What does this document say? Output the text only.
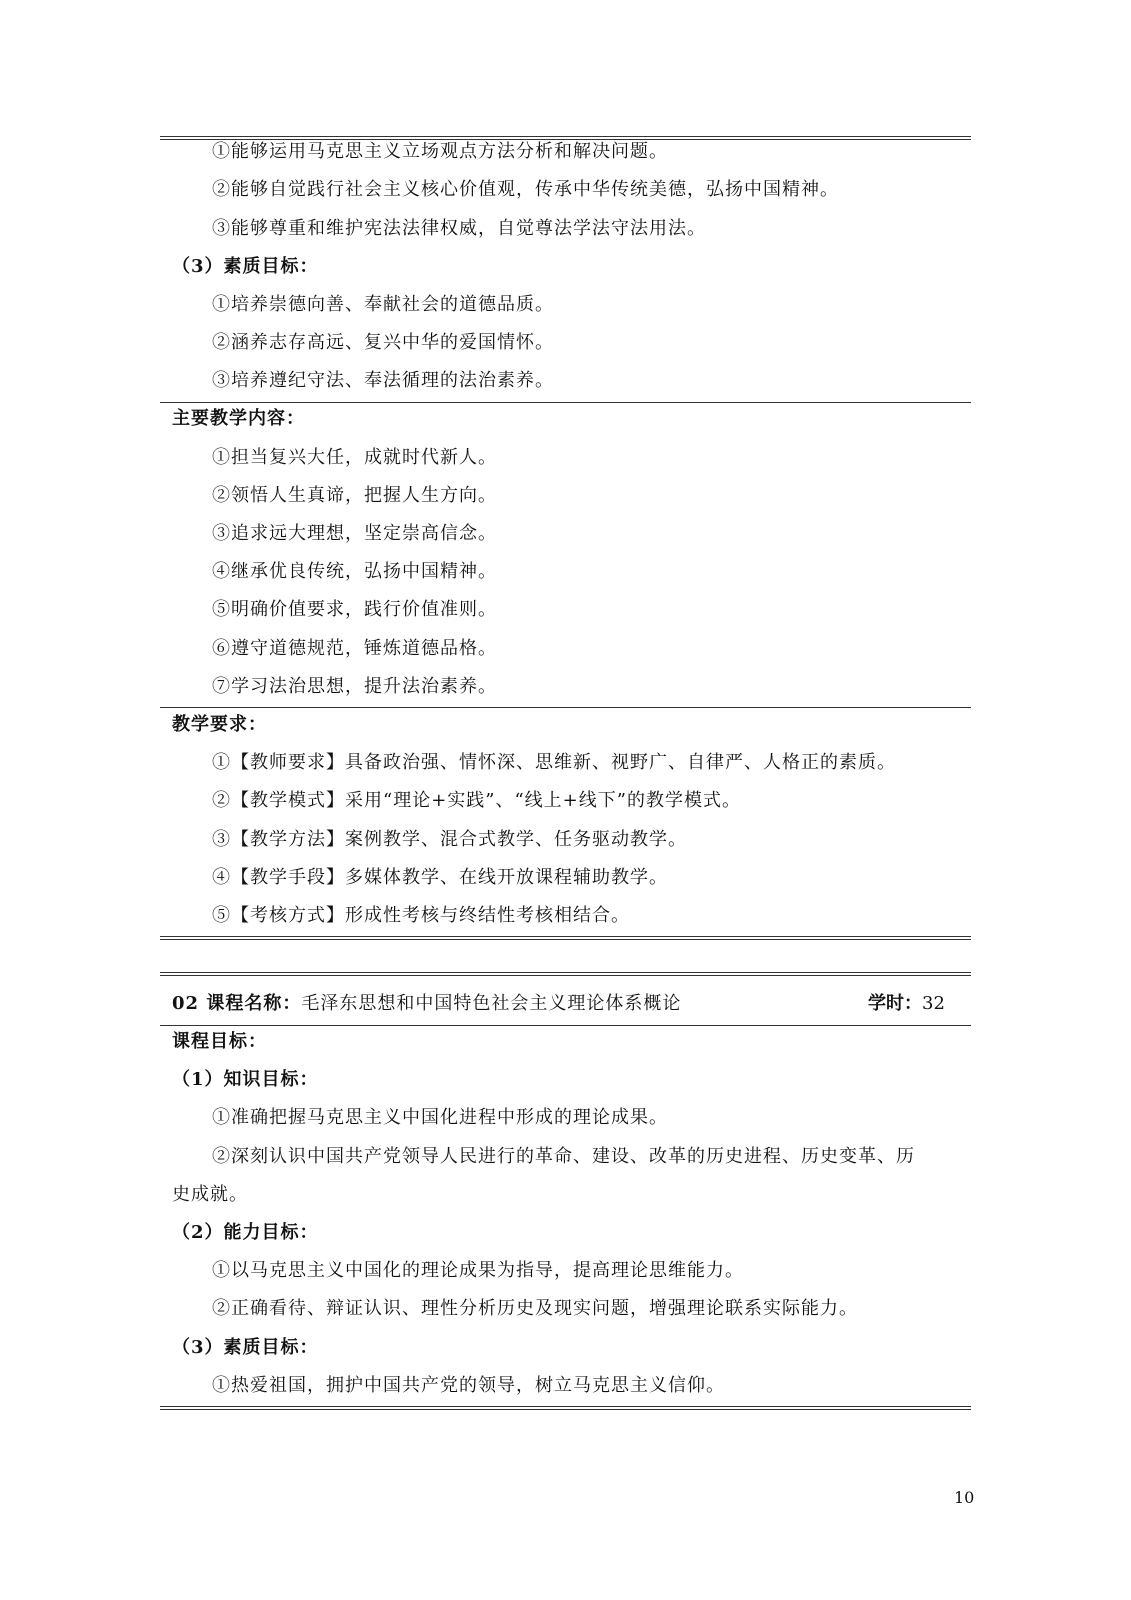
①能够运用马克思主义立场观点方法分析和解决问题。
②能够自觉践行社会主义核心价值观，传承中华传统美德，弘扬中国精神。
③能够尊重和维护宪法法律权威，自觉尊法学法守法用法。
（3）素质目标：
①培养崇德向善、奉献社会的道德品质。
②涵养志存高远、复兴中华的爱国情怀。
③培养遵纪守法、奉法循理的法治素养。
主要教学内容：
①担当复兴大任，成就时代新人。
②领悟人生真谛，把握人生方向。
③追求远大理想，坚定崇高信念。
④继承优良传统，弘扬中国精神。
⑤明确价值要求，践行价值准则。
⑥遵守道德规范，锤炼道德品格。
⑦学习法治思想，提升法治素养。
教学要求：
①【教师要求】具备政治强、情怀深、思维新、视野广、自律严、人格正的素质。
②【教学模式】采用“理论+实践”、“线上+线下”的教学模式。
③【教学方法】案例教学、混合式教学、任务驱动教学。
④【教学手段】多媒体教学、在线开放课程辅助教学。
⑤【考核方式】形成性考核与终结性考核相结合。
02 课程名称：毛泽东思想和中国特色社会主义理论体系概论	学时：32
课程目标：
（1）知识目标：
①准确把握马克思主义中国化进程中形成的理论成果。
②深刻认识中国共产党领导人民进行的革命、建设、改革的历史进程、历史变革、历
史成就。
（2）能力目标：
①以马克思主义中国化的理论成果为指导，提高理论思维能力。
②正确看待、辩证认识、理性分析历史及现实问题，增强理论联系实际能力。
（3）素质目标：
①热爱祖国，拥护中国共产党的领导，树立马克思主义信仰。
10
